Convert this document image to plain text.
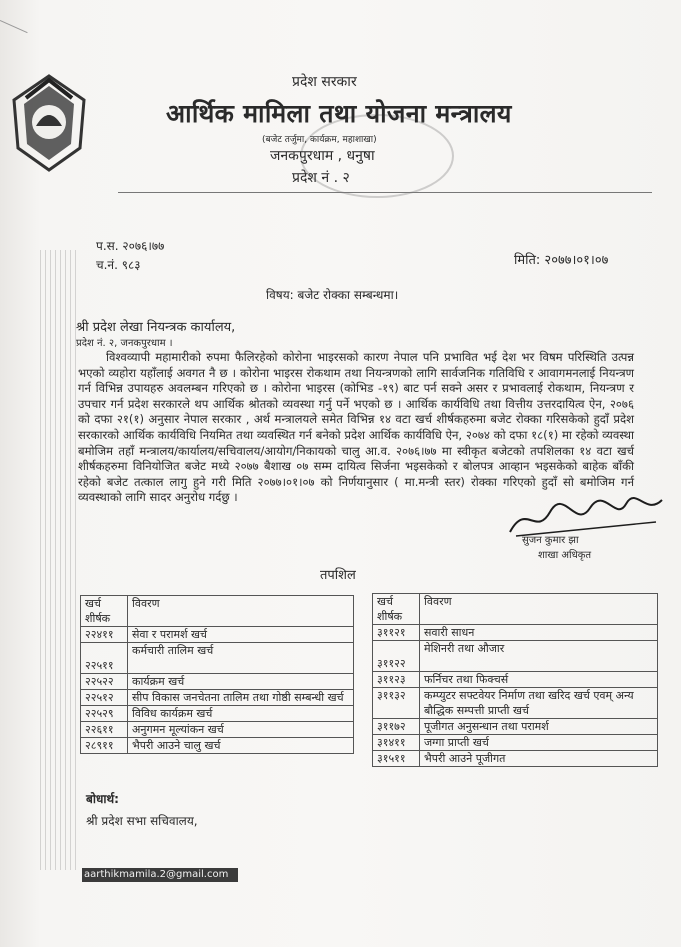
प्रदेश सरकार
आर्थिक मामिला तथा योजना मन्त्रालय
(बजेट तर्जुमा, कार्यक्रम, महाशाखा)
जनकपुरधाम , धनुषा
प्रदेश नं . २
प.स. २०७६।७७
च.नं. ९८३	मिति: २०७७।०१।०७
विषय: बजेट रोक्का सम्बन्धमा।
श्री प्रदेश लेखा नियन्त्रक कार्यालय,
प्रदेश नं. २, जनकपुरधाम ।
विश्वव्यापी महामारीको रुपमा फैलिरहेको कोरोना भाइरसको कारण नेपाल पनि प्रभावित भई देश भर विषम परिस्थिति उत्पन्न भएको व्यहोरा यहाँलाई अवगत नै छ । कोरोना भाइरस रोकथाम तथा नियन्त्रणको लागि सार्वजनिक गतिविधि र आवागमनलाई नियन्त्रण गर्न विभिन्न उपायहरु अवलम्बन गरिएको छ । कोरोना भाइरस (कोभिड -१९) बाट पर्न सक्ने असर र प्रभावलाई रोकथाम, नियन्त्रण र उपचार गर्न प्रदेश सरकारले थप आर्थिक श्रोतको व्यवस्था गर्नु पर्ने भएको छ । आर्थिक कार्यविधि तथा वित्तीय उत्तरदायित्व ऐन, २०७६ को दफा २१(१) अनुसार नेपाल सरकार , अर्थ मन्त्रालयले समेत विभिन्न १४ वटा खर्च शीर्षकहरुमा बजेट रोक्का गरिसकेको हुदाँ प्रदेश सरकारको आर्थिक कार्यविधि नियमित तथा व्यवस्थित गर्न बनेको प्रदेश आर्थिक कार्यविधि ऐन, २०७४ को दफा १८(१) मा रहेको व्यवस्था बमोजिम तहाँ मन्त्रालय/कार्यालय/सचिवालय/आयोग/निकायको चालु आ.व. २०७६।७७ मा स्वीकृत बजेटको तपशिलका १४ वटा खर्च शीर्षकहरुमा विनियोजित बजेट मध्ये २०७७ बैशाख ०७ सम्म दायित्व सिर्जना भइसकेको र बोलपत्र आव्हान भइसकेको बाहेक बाँकी रहेको बजेट तत्काल लागु हुने गरी मिति २०७७।०१।०७ को निर्णयानुसार ( मा.मन्त्री स्तर) रोक्का गरिएको हुदाँ सो बमोजिम गर्न व्यवस्थाको लागि सादर अनुरोध गर्दछु ।
सुजन कुमार झा
शाखा अधिकृत
तपशिल
खर्च शीर्षक	विवरण
२२४११	सेवा र परामर्श खर्च
२२५११	कर्मचारी तालिम खर्च
२२५२२	कार्यक्रम खर्च
२२५१२	सीप विकास जनचेतना तालिम तथा गोष्ठी सम्बन्धी खर्च
२२५२९	विविध कार्यक्रम खर्च
२२६११	अनुगमन मूल्यांकन खर्च
२८९११	भैपरी आउने चालु खर्च
खर्च शीर्षक	विवरण
३११२१	सवारी साधन
३११२२	मेशिनरी तथा औजार
३११२३	फर्निचर तथा फिक्चर्स
३११३२	कम्प्युटर सफ्टवेयर निर्माण तथा खरिद खर्च एवम् अन्य बौद्धिक सम्पत्ती प्राप्ती खर्च
३११७२	पूजीगत अनुसन्धान तथा परामर्श
३१४११	जग्गा प्राप्ती खर्च
३१५११	भैपरी आउने पूजीगत
बोधार्थ:
श्री प्रदेश सभा सचिवालय,
aarthikmamila.2@gmail.com
